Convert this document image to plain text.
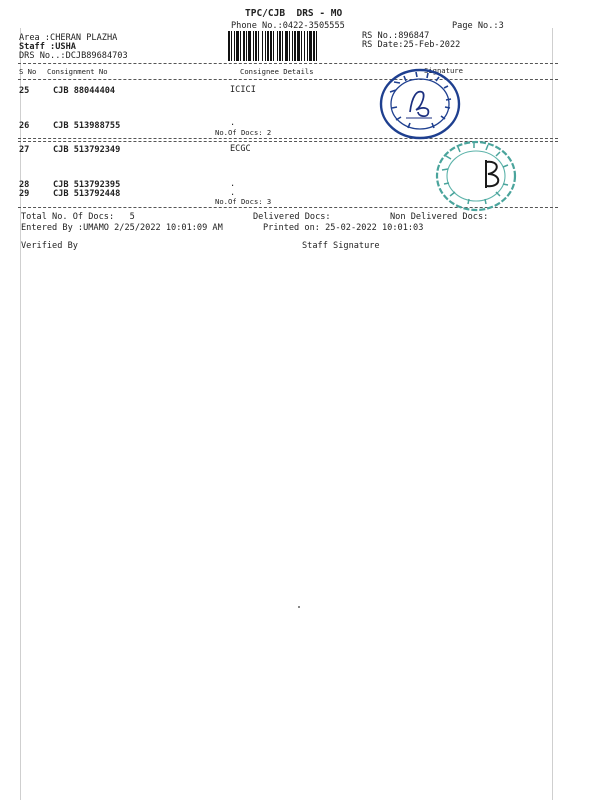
TPC/CJB  DRS - MO
Phone No.:0422-3505555	Page No.:3
Area :CHERAN PLAZHA
Staff :USHA
DRS No..:DCJB89684703
RS No.:896847
RS Date:25-Feb-2022
S No Consignment No	Consignee Details	Signature
25	CJB 88044404	ICICI
26	CJB 513988755	.
No.Of Docs: 2
27	CJB 513792349	ECGC
28	CJB 513792395	.
29	CJB 513792448	.
No.Of Docs: 3
Total No. Of Docs:   5	Delivered Docs:	Non Delivered Docs:
Entered By :UMAMO 2/25/2022 10:01:09 AM	Printed on: 25-02-2022 10:01:03
Verified By	Staff Signature
